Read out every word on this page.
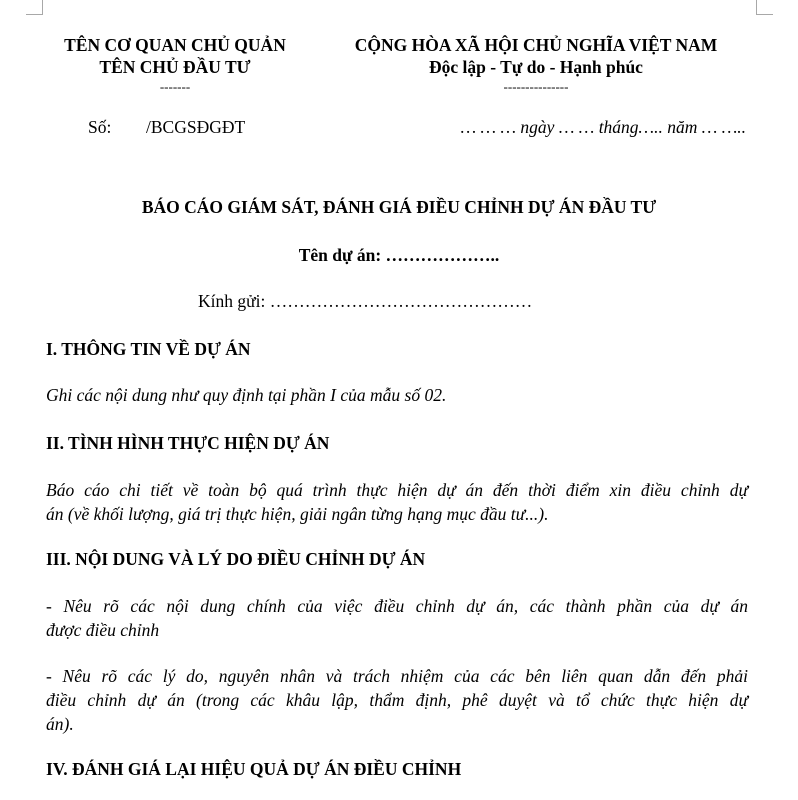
TÊN CƠ QUAN CHỦ QUẢN
TÊN CHỦ ĐẦU TƯ
-------
CỘNG HÒA XÃ HỘI CHỦ NGHĨA VIỆT NAM
Độc lập - Tự do - Hạnh phúc
---------------
Số: /BCGSĐGĐT	… … … ngày … … tháng….. năm … …..
BÁO CÁO GIÁM SÁT, ĐÁNH GIÁ ĐIỀU CHỈNH DỰ ÁN ĐẦU TƯ
Tên dự án: ………………..
Kính gửi: ………………………………………
I. THÔNG TIN VỀ DỰ ÁN
Ghi các nội dung như quy định tại phần I của mẫu số 02.
II. TÌNH HÌNH THỰC HIỆN DỰ ÁN
Báo cáo chi tiết về toàn bộ quá trình thực hiện dự án đến thời điểm xin điều chỉnh dự
án (về khối lượng, giá trị thực hiện, giải ngân từng hạng mục đầu tư...).
III. NỘI DUNG VÀ LÝ DO ĐIỀU CHỈNH DỰ ÁN
- Nêu rõ các nội dung chính của việc điều chỉnh dự án, các thành phần của dự án
được điều chỉnh
- Nêu rõ các lý do, nguyên nhân và trách nhiệm của các bên liên quan dẫn đến phải
điều chỉnh dự án (trong các khâu lập, thẩm định, phê duyệt và tổ chức thực hiện dự
án).
IV. ĐÁNH GIÁ LẠI HIỆU QUẢ DỰ ÁN ĐIỀU CHỈNH
